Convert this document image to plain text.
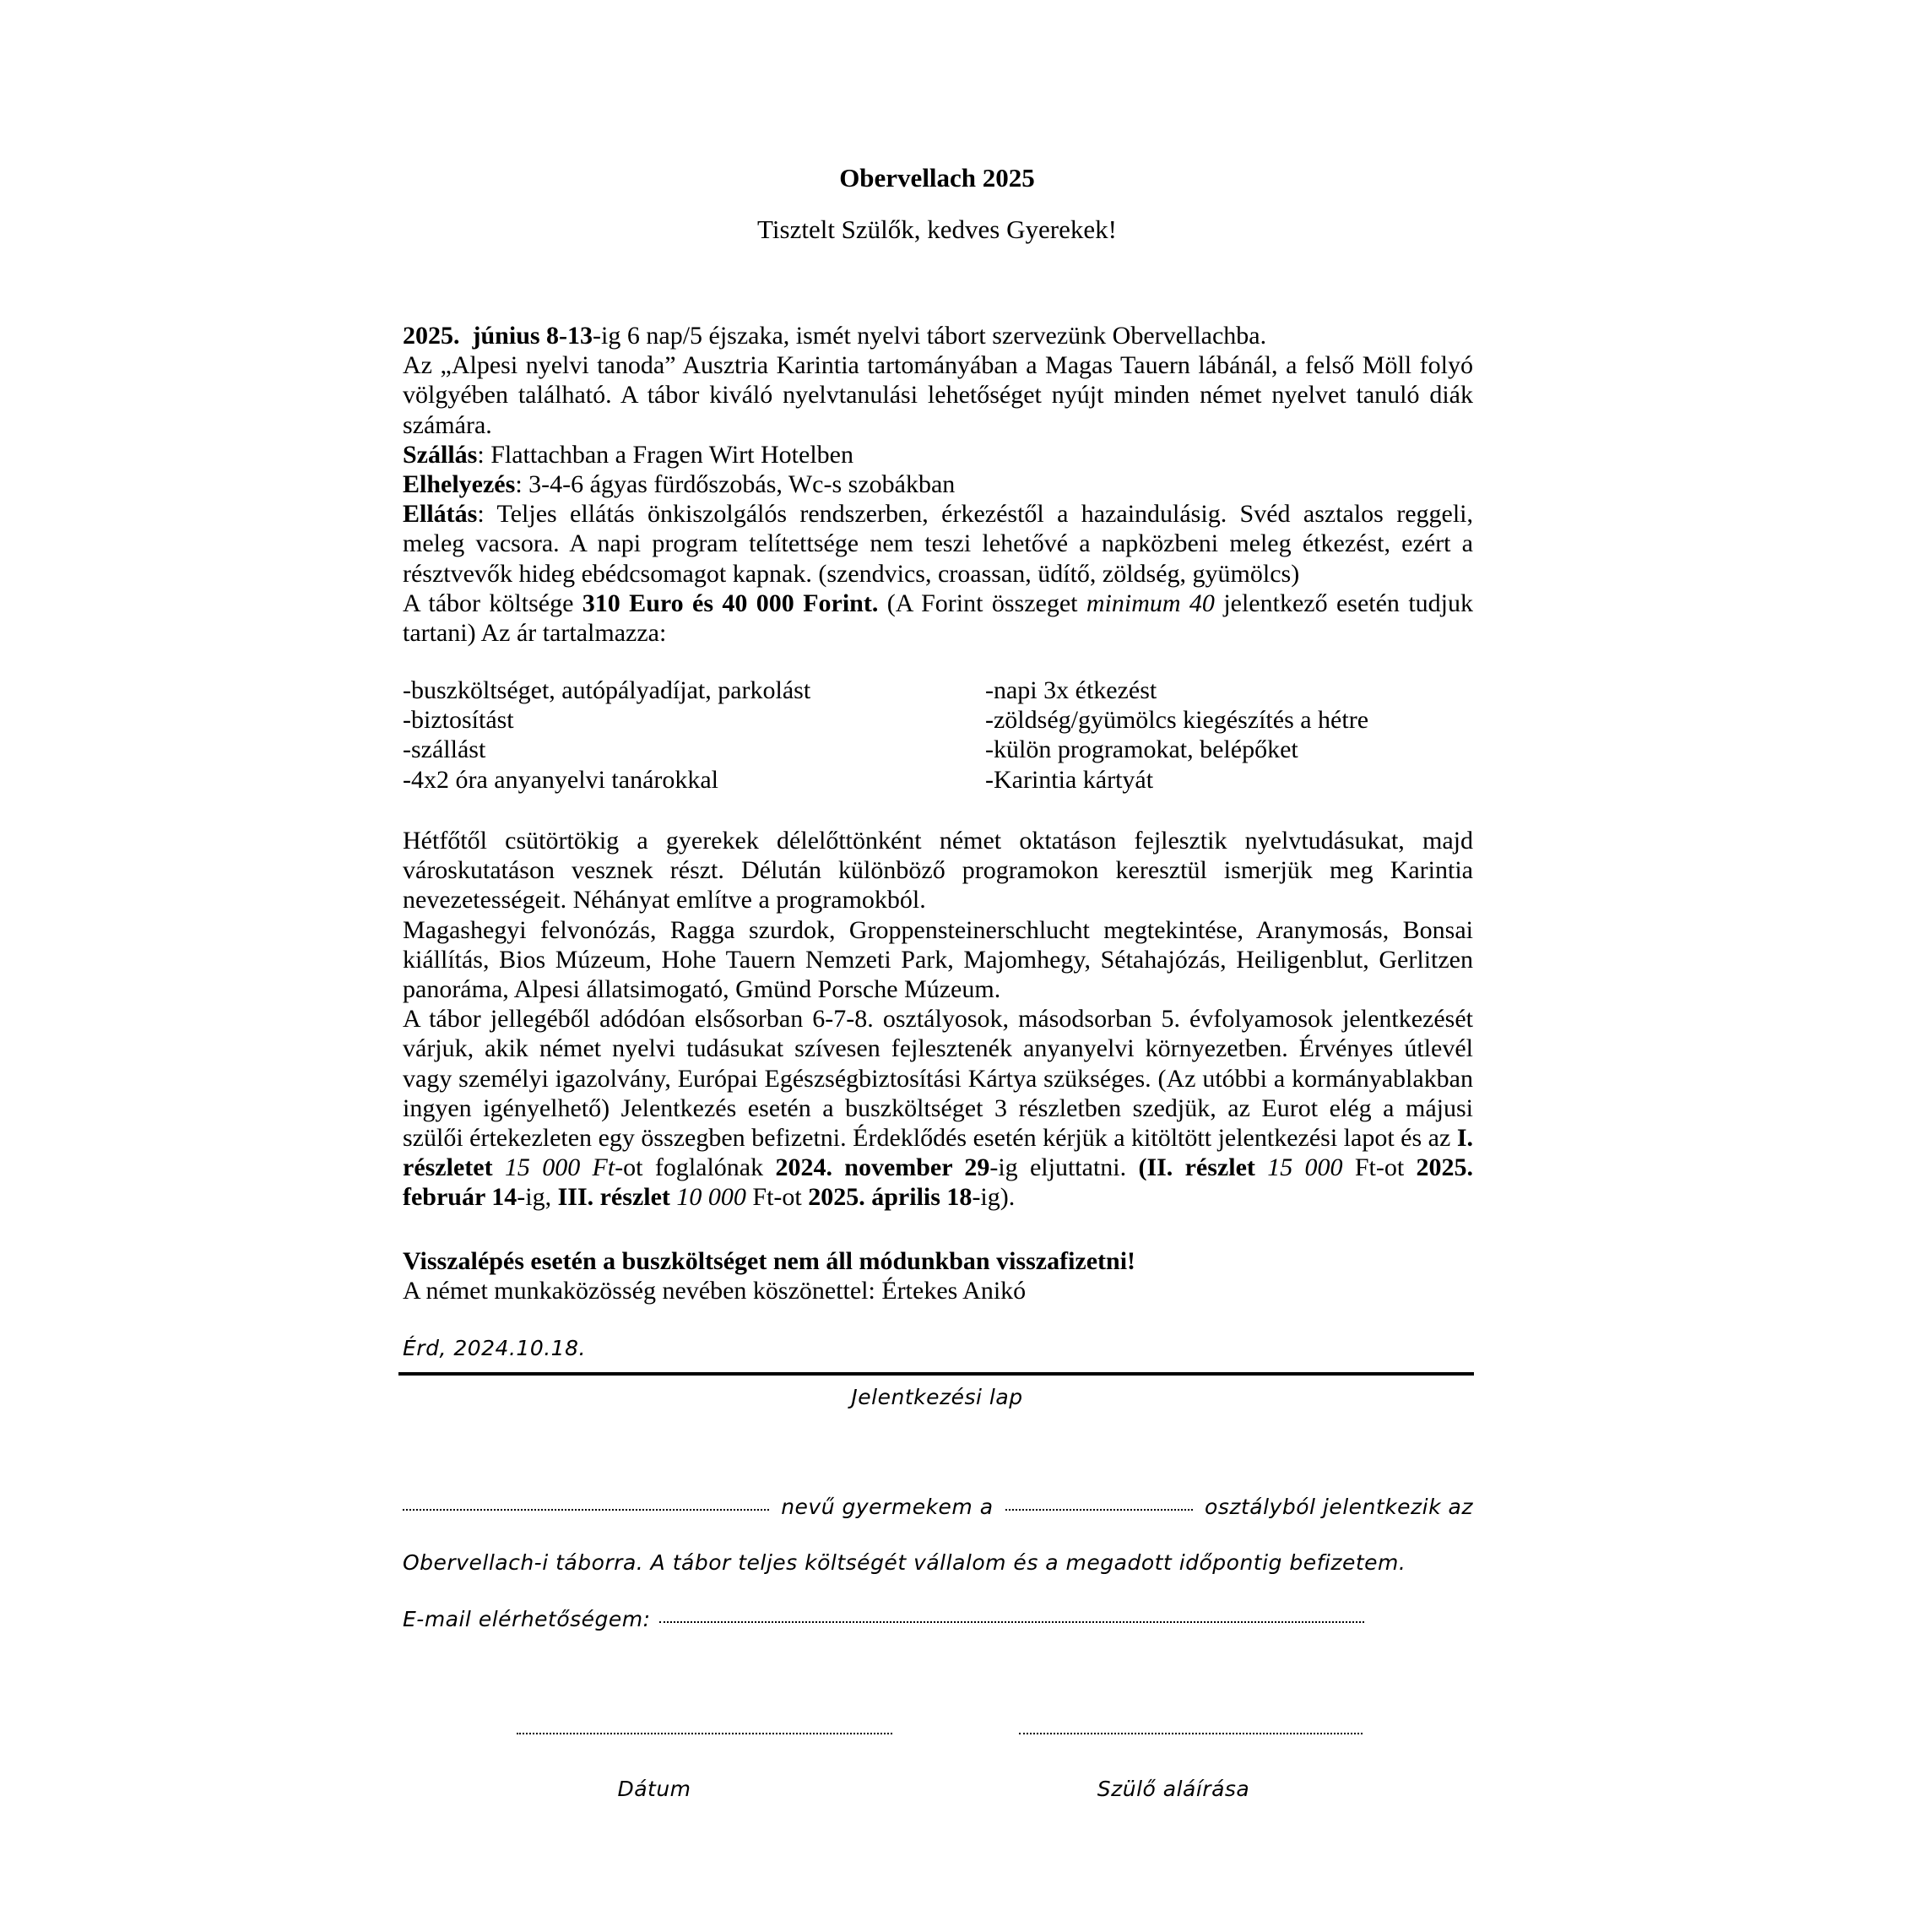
Obervellach 2025
Tisztelt Szülők, kedves Gyerekek!

2025. június 8-13-ig 6 nap/5 éjszaka, ismét nyelvi tábort szervezünk Obervellachba.

Az „Alpesi nyelvi tanoda” Ausztria Karintia tartományában a Magas Tauern lábánál, a felső Möll folyó völgyében található. A tábor kiváló nyelvtanulási lehetőséget nyújt minden német nyelvet tanuló diák számára.

Szállás: Flattachban a Fragen Wirt Hotelben

Elhelyezés: 3-4-6 ágyas fürdőszobás, Wc-s szobákban

Ellátás: Teljes ellátás önkiszolgálós rendszerben, érkezéstől a hazaindulásig. Svéd asztalos reggeli, meleg vacsora. A napi program telítettsége nem teszi lehetővé a napközbeni meleg étkezést, ezért a résztvevők hideg ebédcsomagot kapnak. (szendvics, croassan, üdítő, zöldség, gyümölcs)

A tábor költsége 310 Euro és 40 000 Forint. (A Forint összeget minimum 40 jelentkező esetén tudjuk tartani) Az ár tartalmazza:

-buszköltséget, autópályadíjat, parkolást
-biztosítást
-szállást
-4x2 óra anyanyelvi tanárokkal
-napi 3x étkezést
-zöldség/gyümölcs kiegészítés a hétre
-külön programokat, belépőket
-Karintia kártyát

Hétfőtől csütörtökig a gyerekek délelőttönként német oktatáson fejlesztik nyelvtudásukat, majd városkutatáson vesznek részt. Délután különböző programokon keresztül ismerjük meg Karintia nevezetességeit. Néhányat említve a programokból.

Magashegyi felvonózás, Ragga szurdok, Groppensteinerschlucht megtekintése, Aranymosás, Bonsai kiállítás, Bios Múzeum, Hohe Tauern Nemzeti Park, Majomhegy, Sétahajózás, Heiligenblut, Gerlitzen panoráma, Alpesi állatsimogató, Gmünd Porsche Múzeum.

A tábor jellegéből adódóan elsősorban 6-7-8. osztályosok, másodsorban 5. évfolyamosok jelentkezését várjuk, akik német nyelvi tudásukat szívesen fejlesztenék anyanyelvi környezetben. Érvényes útlevél vagy személyi igazolvány, Európai Egészségbiztosítási Kártya szükséges. (Az utóbbi a kormányablakban ingyen igényelhető) Jelentkezés esetén a buszköltséget 3 részletben szedjük, az Eurot elég a májusi szülői értekezleten egy összegben befizetni. Érdeklődés esetén kérjük a kitöltött jelentkezési lapot és az I. részletet 15 000 Ft-ot foglalónak 2024. november 29-ig eljuttatni. (II. részlet 15 000 Ft-ot 2025. február 14-ig, III. részlet 10 000 Ft-ot 2025. április 18-ig).

Visszalépés esetén a buszköltséget nem áll módunkban visszafizetni!

A német munkaközösség nevében köszönettel: Értekes Anikó

Érd, 2024.10.18.
Jelentkezési lap
nevű gyermekem a	osztályból jelentkezik az
Obervellach-i táborra. A tábor teljes költségét vállalom és a megadott időpontig befizetem.
E-mail elérhetőségem:
Dátum	Szülő aláírása
